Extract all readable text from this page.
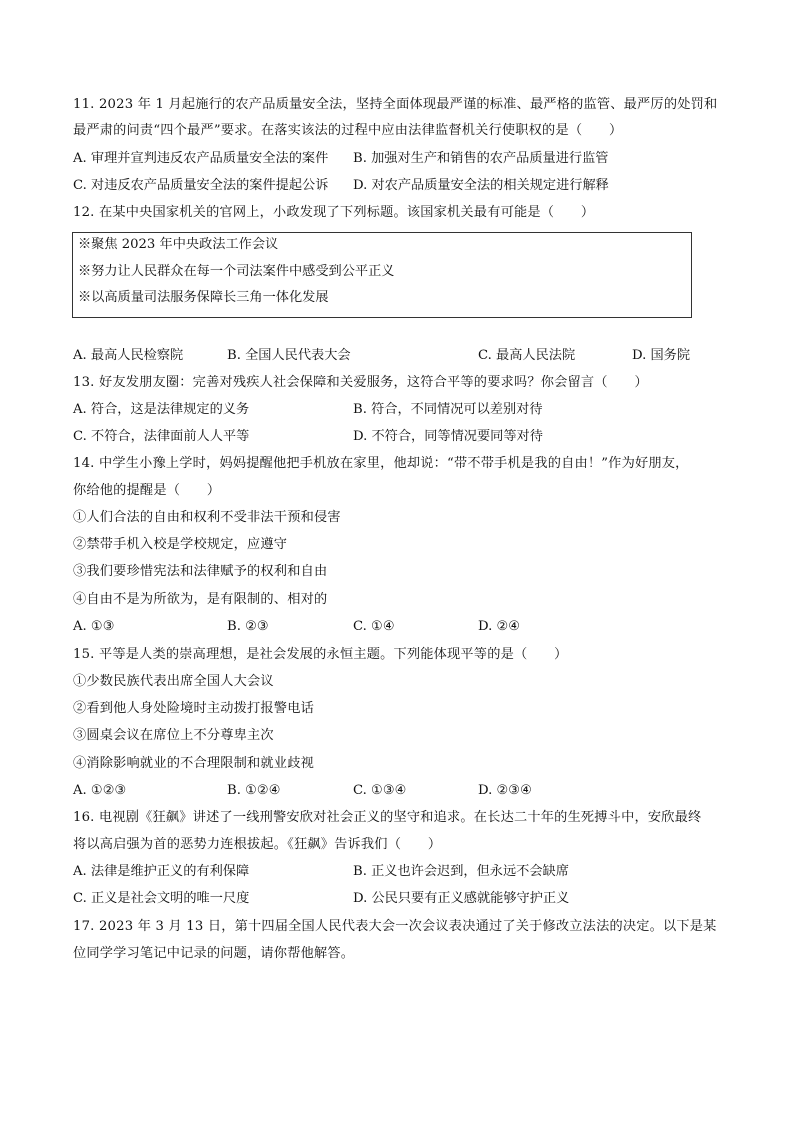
11. 2023 年 1 月起施行的农产品质量安全法，坚持全面体现最严谨的标准、最严格的监管、最严厉的处罚和
最严肃的问责“四个最严”要求。在落实该法的过程中应由法律监督机关行使职权的是（　　）
A. 审理并宣判违反农产品质量安全法的案件 B. 加强对生产和销售的农产品质量进行监管
C. 对违反农产品质量安全法的案件提起公诉 D. 对农产品质量安全法的相关规定进行解释
12. 在某中央国家机关的官网上，小政发现了下列标题。该国家机关最有可能是（　　）
※聚焦 2023 年中央政法工作会议
※努力让人民群众在每一个司法案件中感受到公平正义
※以高质量司法服务保障长三角一体化发展
A. 最高人民检察院	B. 全国人民代表大会	C. 最高人民法院	D. 国务院
13. 好友发朋友圈：完善对残疾人社会保障和关爱服务，这符合平等的要求吗？你会留言（　　）
A. 符合，这是法律规定的义务	B. 符合，不同情况可以差别对待
C. 不符合，法律面前人人平等	D. 不符合，同等情况要同等对待
14. 中学生小豫上学时，妈妈提醒他把手机放在家里，他却说：“带不带手机是我的自由！”作为好朋友，
你给他的提醒是（　　）
①人们合法的自由和权利不受非法干预和侵害
②禁带手机入校是学校规定，应遵守
③我们要珍惜宪法和法律赋予的权利和自由
④自由不是为所欲为，是有限制的、相对的
A. ①③	B. ②③	C. ①④	D. ②④
15. 平等是人类的崇高理想，是社会发展的永恒主题。下列能体现平等的是（　　）
①少数民族代表出席全国人大会议
②看到他人身处险境时主动拨打报警电话
③圆桌会议在席位上不分尊卑主次
④消除影响就业的不合理限制和就业歧视
A. ①②③	B. ①②④	C. ①③④	D. ②③④
16. 电视剧《狂飙》讲述了一线刑警安欣对社会正义的坚守和追求。在长达二十年的生死搏斗中，安欣最终
将以高启强为首的恶势力连根拔起。《狂飙》告诉我们（　　）
A. 法律是维护正义的有利保障	B. 正义也许会迟到，但永远不会缺席
C. 正义是社会文明的唯一尺度	D. 公民只要有正义感就能够守护正义
17. 2023 年 3 月 13 日，第十四届全国人民代表大会一次会议表决通过了关于修改立法法的决定。以下是某
位同学学习笔记中记录的问题，请你帮他解答。
